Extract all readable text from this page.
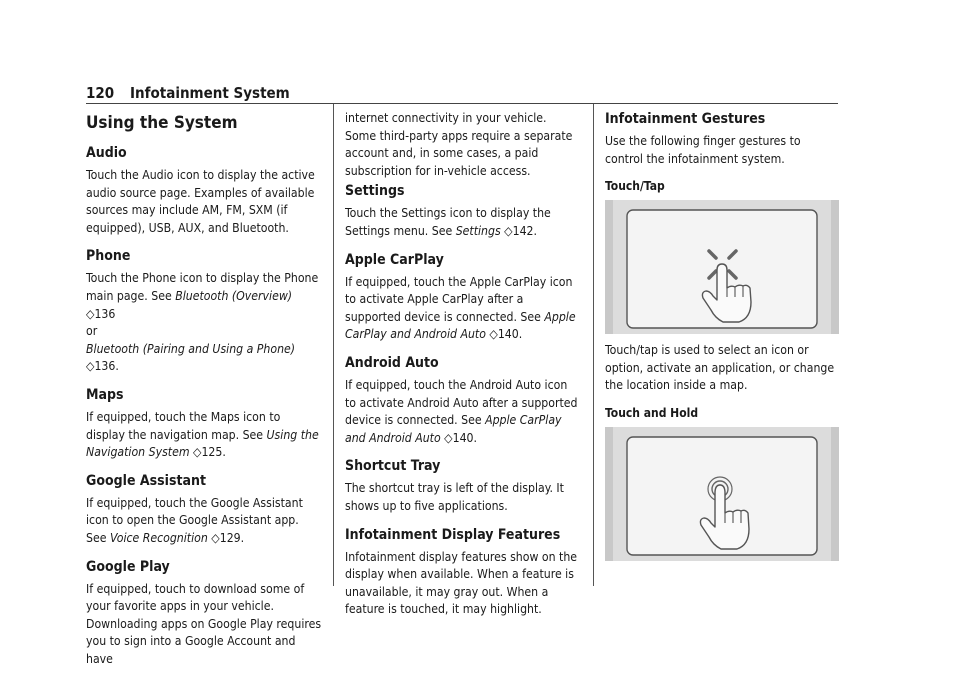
120 Infotainment System
Using the System
Audio

Touch the Audio icon to display the active audio source page. Examples of available sources may include AM, FM, SXM (if equipped), USB, AUX, and Bluetooth.

Phone

Touch the Phone icon to display the Phone main page. See Bluetooth (Overview) ◇136
or
Bluetooth (Pairing and Using a Phone) ◇136.

Maps

If equipped, touch the Maps icon to display the navigation map. See Using the Navigation System ◇125.

Google Assistant

If equipped, touch the Google Assistant icon to open the Google Assistant app. See Voice Recognition ◇129.

Google Play

If equipped, touch to download some of your favorite apps in your vehicle. Downloading apps on Google Play requires you to sign into a Google Account and have

internet connectivity in your vehicle. Some third-party apps require a separate account and, in some cases, a paid subscription for in-vehicle access.

Settings

Touch the Settings icon to display the Settings menu. See Settings ◇142.

Apple CarPlay

If equipped, touch the Apple CarPlay icon to activate Apple CarPlay after a supported device is connected. See Apple CarPlay and Android Auto ◇140.

Android Auto

If equipped, touch the Android Auto icon to activate Android Auto after a supported device is connected. See Apple CarPlay and Android Auto ◇140.

Shortcut Tray

The shortcut tray is left of the display. It shows up to five applications.

Infotainment Display Features

Infotainment display features show on the display when available. When a feature is unavailable, it may gray out. When a feature is touched, it may highlight.

Infotainment Gestures

Use the following finger gestures to control the infotainment system.

Touch/Tap

Touch/tap is used to select an icon or option, activate an application, or change the location inside a map.

Touch and Hold
